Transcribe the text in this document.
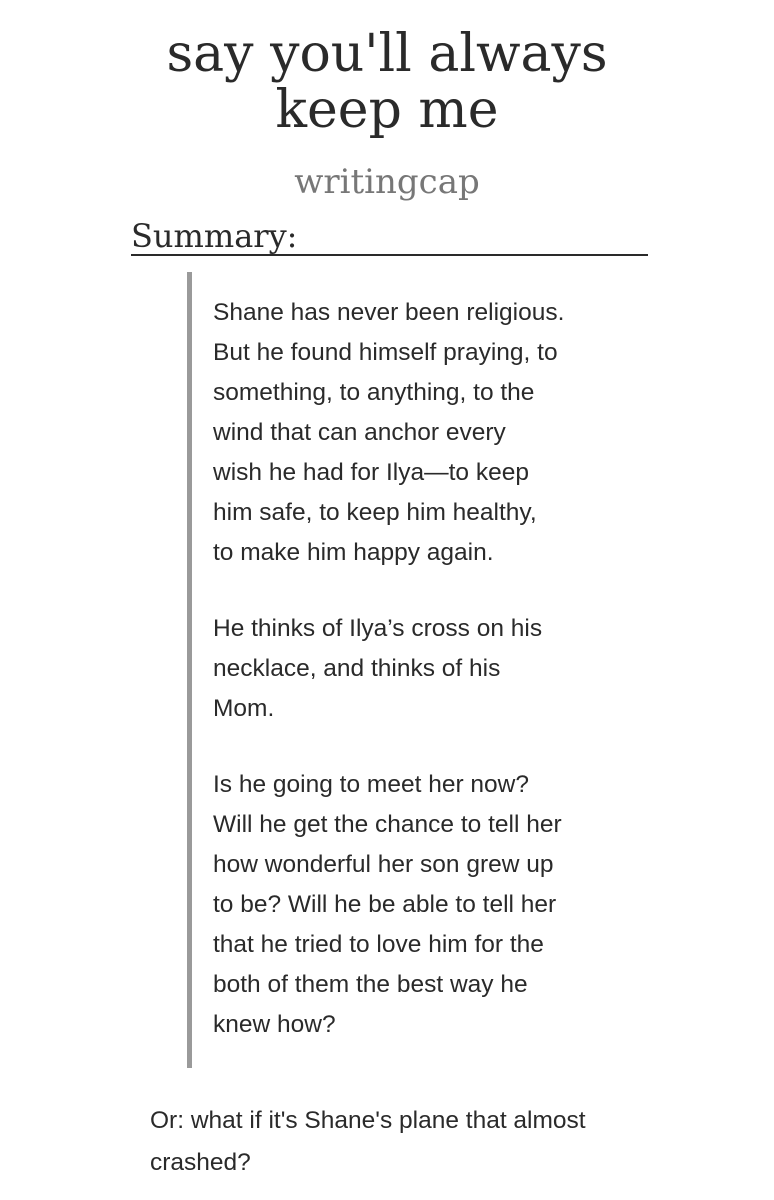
say you'll always
keep me
writingcap
Summary:

Shane has never been religious.
But he found himself praying, to
something, to anything, to the
wind that can anchor every
wish he had for Ilya—to keep
him safe, to keep him healthy,
to make him happy again.

He thinks of Ilya’s cross on his
necklace, and thinks of his
Mom.

Is he going to meet her now?
Will he get the chance to tell her
how wonderful her son grew up
to be? Will he be able to tell her
that he tried to love him for the
both of them the best way he
knew how?

Or: what if it's Shane's plane that almost
crashed?
